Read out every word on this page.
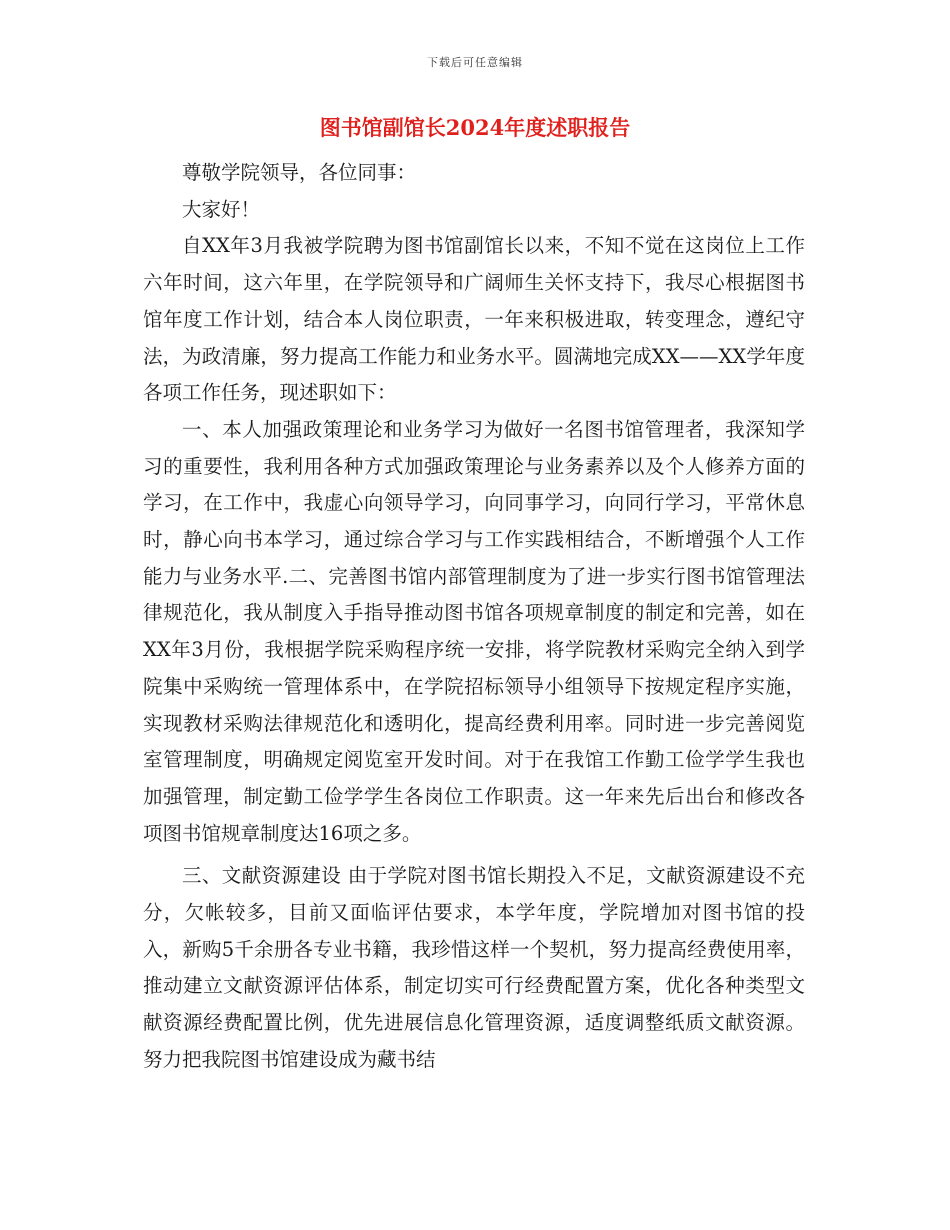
下载后可任意编辑
图书馆副馆长2024年度述职报告

尊敬学院领导，各位同事：

大家好！

自XX年3月我被学院聘为图书馆副馆长以来，不知不觉在这岗位上工作六年时间，这六年里，在学院领导和广阔师生关怀支持下，我尽心根据图书馆年度工作计划，结合本人岗位职责，一年来积极进取，转变理念，遵纪守法，为政清廉，努力提高工作能力和业务水平。圆满地完成XX——XX学年度各项工作任务，现述职如下：

一、本人加强政策理论和业务学习为做好一名图书馆管理者，我深知学习的重要性，我利用各种方式加强政策理论与业务素养以及个人修养方面的学习，在工作中，我虚心向领导学习，向同事学习，向同行学习，平常休息时，静心向书本学习，通过综合学习与工作实践相结合，不断增强个人工作能力与业务水平.二、完善图书馆内部管理制度为了进一步实行图书馆管理法律规范化，我从制度入手指导推动图书馆各项规章制度的制定和完善，如在XX年3月份，我根据学院采购程序统一安排，将学院教材采购完全纳入到学院集中采购统一管理体系中，在学院招标领导小组领导下按规定程序实施，实现教材采购法律规范化和透明化，提高经费利用率。同时进一步完善阅览室管理制度，明确规定阅览室开发时间。对于在我馆工作勤工俭学学生我也加强管理，制定勤工俭学学生各岗位工作职责。这一年来先后出台和修改各项图书馆规章制度达16项之多。

三、文献资源建设 由于学院对图书馆长期投入不足，文献资源建设不充分，欠帐较多，目前又面临评估要求，本学年度，学院增加对图书馆的投入，新购5千余册各专业书籍，我珍惜这样一个契机，努力提高经费使用率，推动建立文献资源评估体系，制定切实可行经费配置方案，优化各种类型文献资源经费配置比例，优先进展信息化管理资源，适度调整纸质文献资源。努力把我院图书馆建设成为藏书结
